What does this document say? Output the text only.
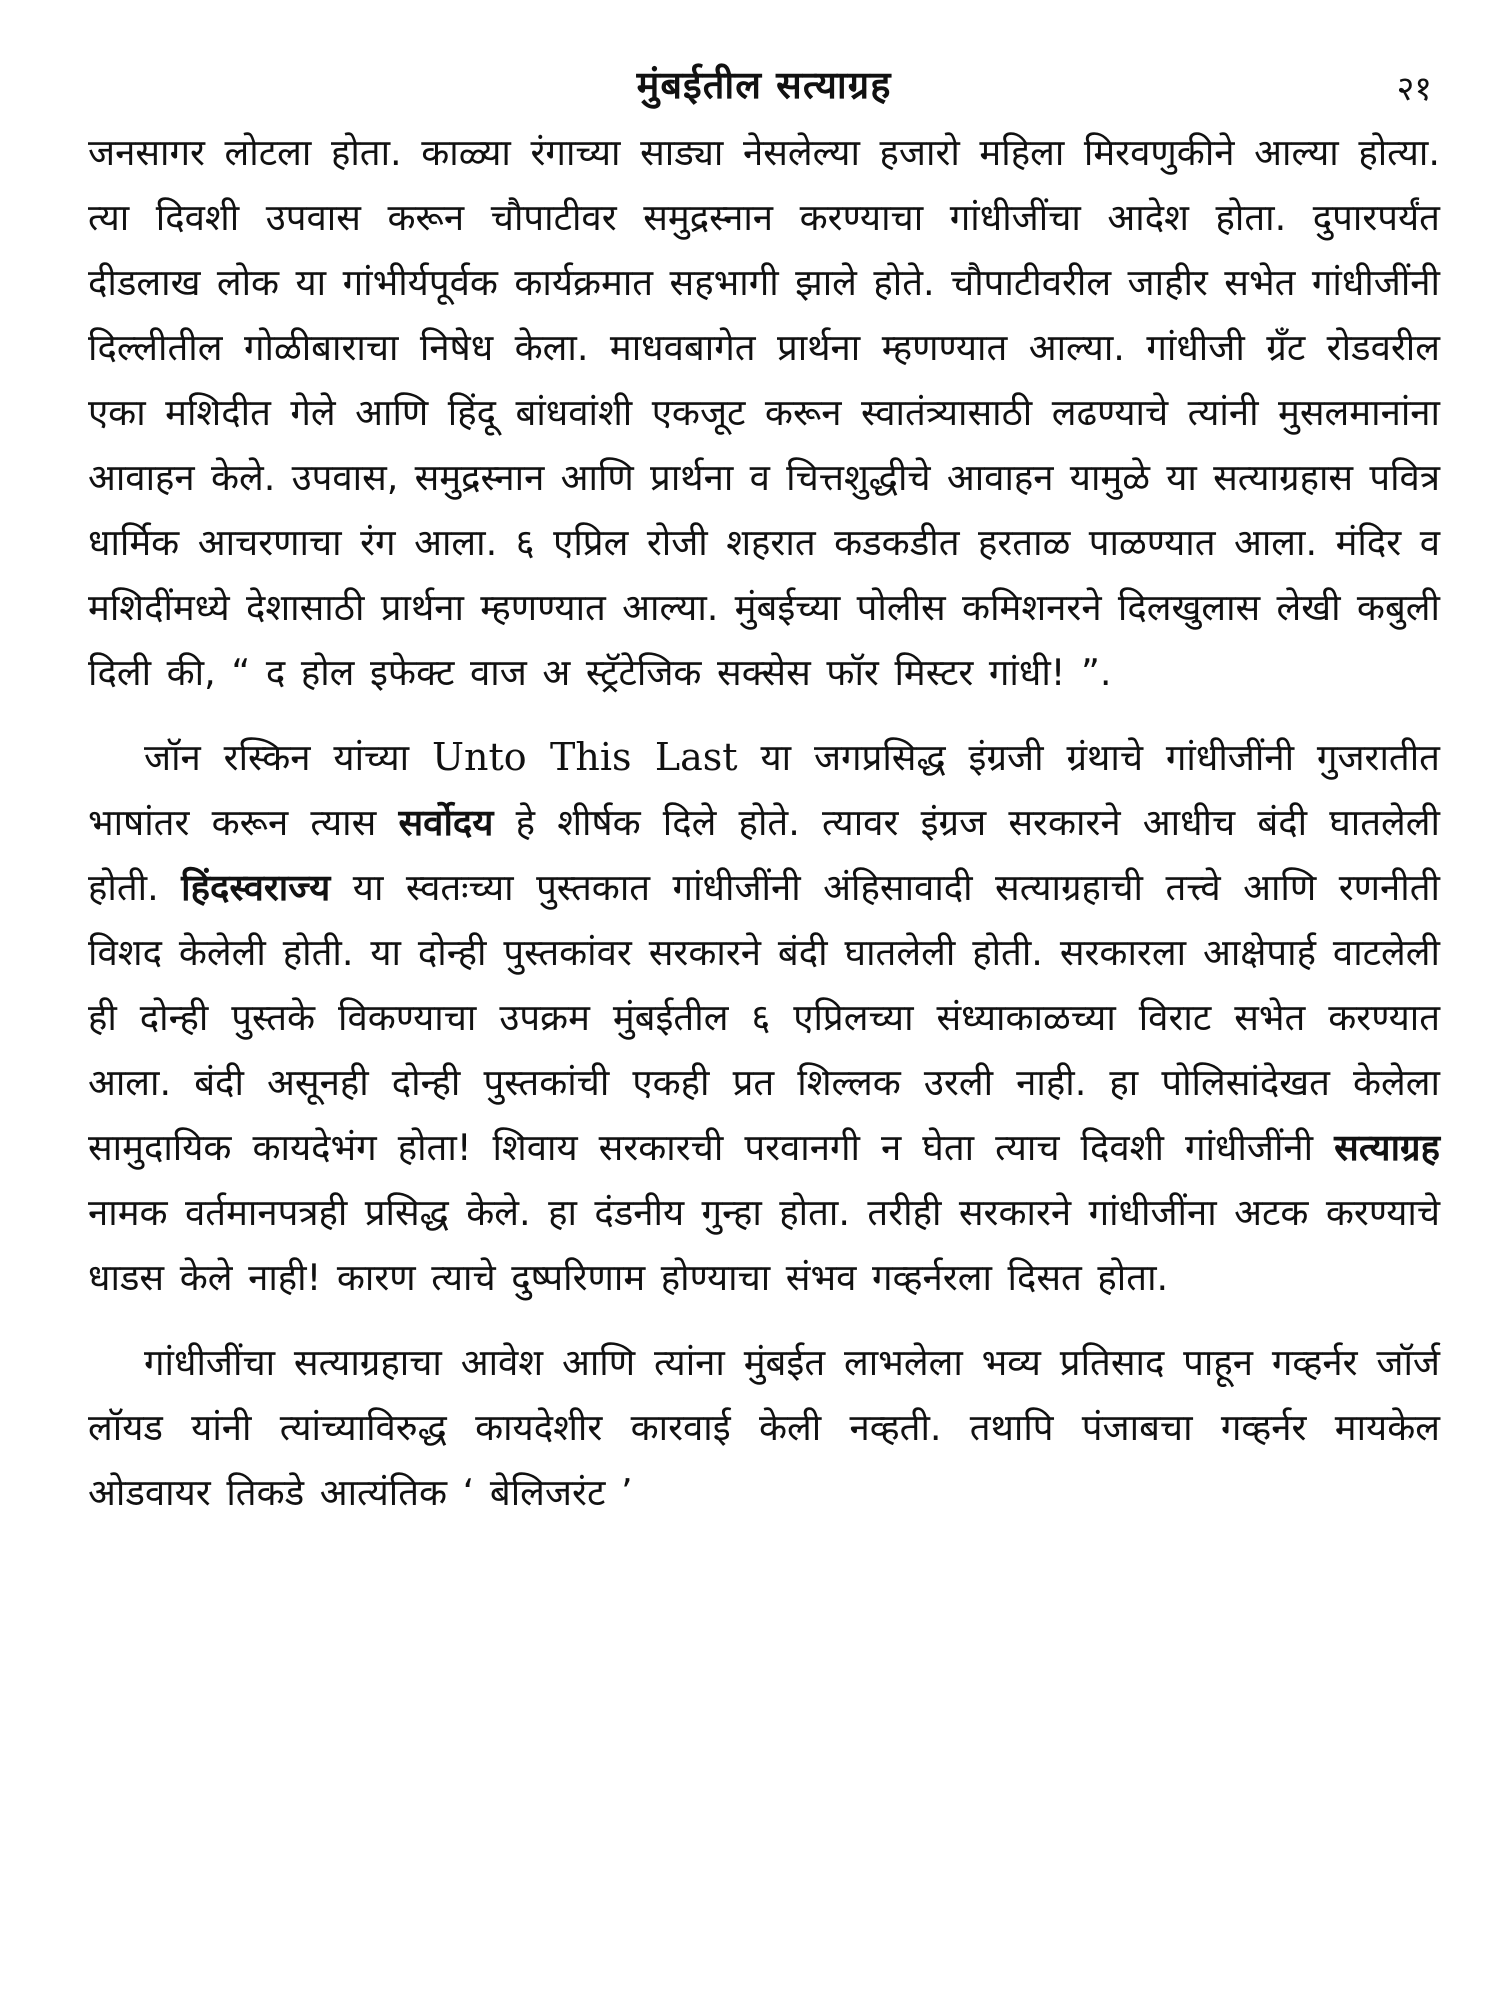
मुंबईतील सत्याग्रह	२१

जनसागर लोटला होता. काळ्या रंगाच्या साड्या नेसलेल्या हजारो महिला मिरवणुकीने आल्या होत्या. त्या दिवशी उपवास करून चौपाटीवर समुद्रस्नान करण्याचा गांधीजींचा आदेश होता. दुपारपर्यंत दीडलाख लोक या गांभीर्यपूर्वक कार्यक्रमात सहभागी झाले होते. चौपाटीवरील जाहीर सभेत गांधीजींनी दिल्लीतील गोळीबाराचा निषेध केला. माधवबागेत प्रार्थना म्हणण्यात आल्या. गांधीजी ग्रँट रोडवरील एका मशिदीत गेले आणि हिंदू बांधवांशी एकजूट करून स्वातंत्र्यासाठी लढण्याचे त्यांनी मुसलमानांना आवाहन केले. उपवास, समुद्रस्नान आणि प्रार्थना व चित्तशुद्धीचे आवाहन यामुळे या सत्याग्रहास पवित्र धार्मिक आचरणाचा रंग आला. ६ एप्रिल रोजी शहरात कडकडीत हरताळ पाळण्यात आला. मंदिर व मशिदींमध्ये देशासाठी प्रार्थना म्हणण्यात आल्या. मुंबईच्या पोलीस कमिशनरने दिलखुलास लेखी कबुली दिली की, “ द होल इफेक्ट वाज अ स्ट्रॅटेजिक सक्सेस फॉर मिस्टर गांधी! ”.

जॉन रस्किन यांच्या Unto This Last या जगप्रसिद्ध इंग्रजी ग्रंथाचे गांधीजींनी गुजरातीत भाषांतर करून त्यास सर्वोदय हे शीर्षक दिले होते. त्यावर इंग्रज सरकारने आधीच बंदी घातलेली होती. हिंदस्वराज्य या स्वतःच्या पुस्तकात गांधीजींनी अंहिसावादी सत्याग्रहाची तत्त्वे आणि रणनीती विशद केलेली होती. या दोन्ही पुस्तकांवर सरकारने बंदी घातलेली होती. सरकारला आक्षेपार्ह वाटलेली ही दोन्ही पुस्तके विकण्याचा उपक्रम मुंबईतील ६ एप्रिलच्या संध्याकाळच्या विराट सभेत करण्यात आला. बंदी असूनही दोन्ही पुस्तकांची एकही प्रत शिल्लक उरली नाही. हा पोलिसांदेखत केलेला सामुदायिक कायदेभंग होता! शिवाय सरकारची परवानगी न घेता त्याच दिवशी गांधीजींनी सत्याग्रह नामक वर्तमानपत्रही प्रसिद्ध केले. हा दंडनीय गुन्हा होता. तरीही सरकारने गांधीजींना अटक करण्याचे धाडस केले नाही! कारण त्याचे दुष्परिणाम होण्याचा संभव गव्हर्नरला दिसत होता.

गांधीजींचा सत्याग्रहाचा आवेश आणि त्यांना मुंबईत लाभलेला भव्य प्रतिसाद पाहून गव्हर्नर जॉर्ज लॉयड यांनी त्यांच्याविरुद्ध कायदेशीर कारवाई केली नव्हती. तथापि पंजाबचा गव्हर्नर मायकेल ओडवायर तिकडे आत्यंतिक ‘ बेलिजरंट ’
